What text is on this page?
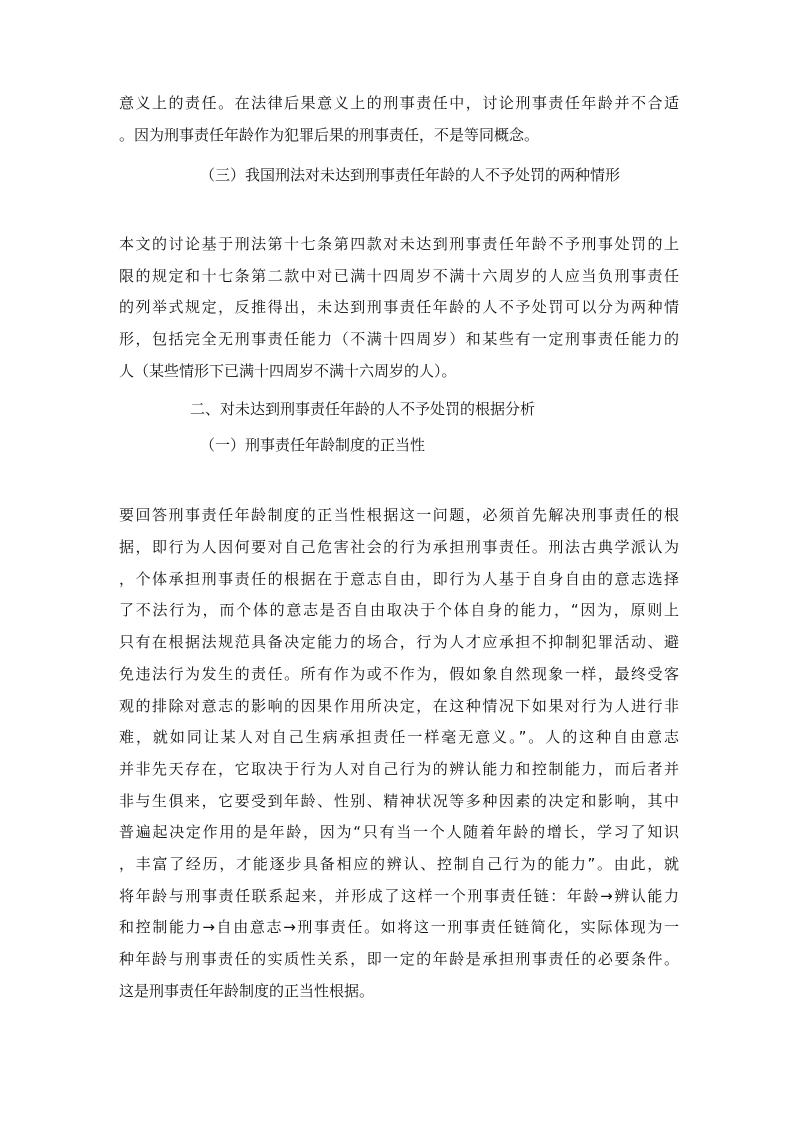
意义上的责任。在法律后果意义上的刑事责任中，讨论刑事责任年龄并不合适
。因为刑事责任年龄作为犯罪后果的刑事责任，不是等同概念。
（三）我国刑法对未达到刑事责任年龄的人不予处罚的两种情形
本文的讨论基于刑法第十七条第四款对未达到刑事责任年龄不予刑事处罚的上
限的规定和十七条第二款中对已满十四周岁不满十六周岁的人应当负刑事责任
的列举式规定，反推得出，未达到刑事责任年龄的人不予处罚可以分为两种情
形，包括完全无刑事责任能力（不满十四周岁）和某些有一定刑事责任能力的
人（某些情形下已满十四周岁不满十六周岁的人）。
二、对未达到刑事责任年龄的人不予处罚的根据分析
（一）刑事责任年龄制度的正当性
要回答刑事责任年龄制度的正当性根据这一问题，必须首先解决刑事责任的根
据，即行为人因何要对自己危害社会的行为承担刑事责任。刑法古典学派认为
，个体承担刑事责任的根据在于意志自由，即行为人基于自身自由的意志选择
了不法行为，而个体的意志是否自由取决于个体自身的能力，“因为，原则上
只有在根据法规范具备决定能力的场合，行为人才应承担不抑制犯罪活动、避
免违法行为发生的责任。所有作为或不作为，假如象自然现象一样，最终受客
观的排除对意志的影响的因果作用所决定，在这种情况下如果对行为人进行非
难，就如同让某人对自己生病承担责任一样毫无意义。”。人的这种自由意志
并非先天存在，它取决于行为人对自己行为的辨认能力和控制能力，而后者并
非与生俱来，它要受到年龄、性别、精神状况等多种因素的决定和影响，其中
普遍起决定作用的是年龄，因为“只有当一个人随着年龄的增长，学习了知识
，丰富了经历，才能逐步具备相应的辨认、控制自己行为的能力”。由此，就
将年龄与刑事责任联系起来，并形成了这样一个刑事责任链：年龄→辨认能力
和控制能力→自由意志→刑事责任。如将这一刑事责任链简化，实际体现为一
种年龄与刑事责任的实质性关系，即一定的年龄是承担刑事责任的必要条件。
这是刑事责任年龄制度的正当性根据。
